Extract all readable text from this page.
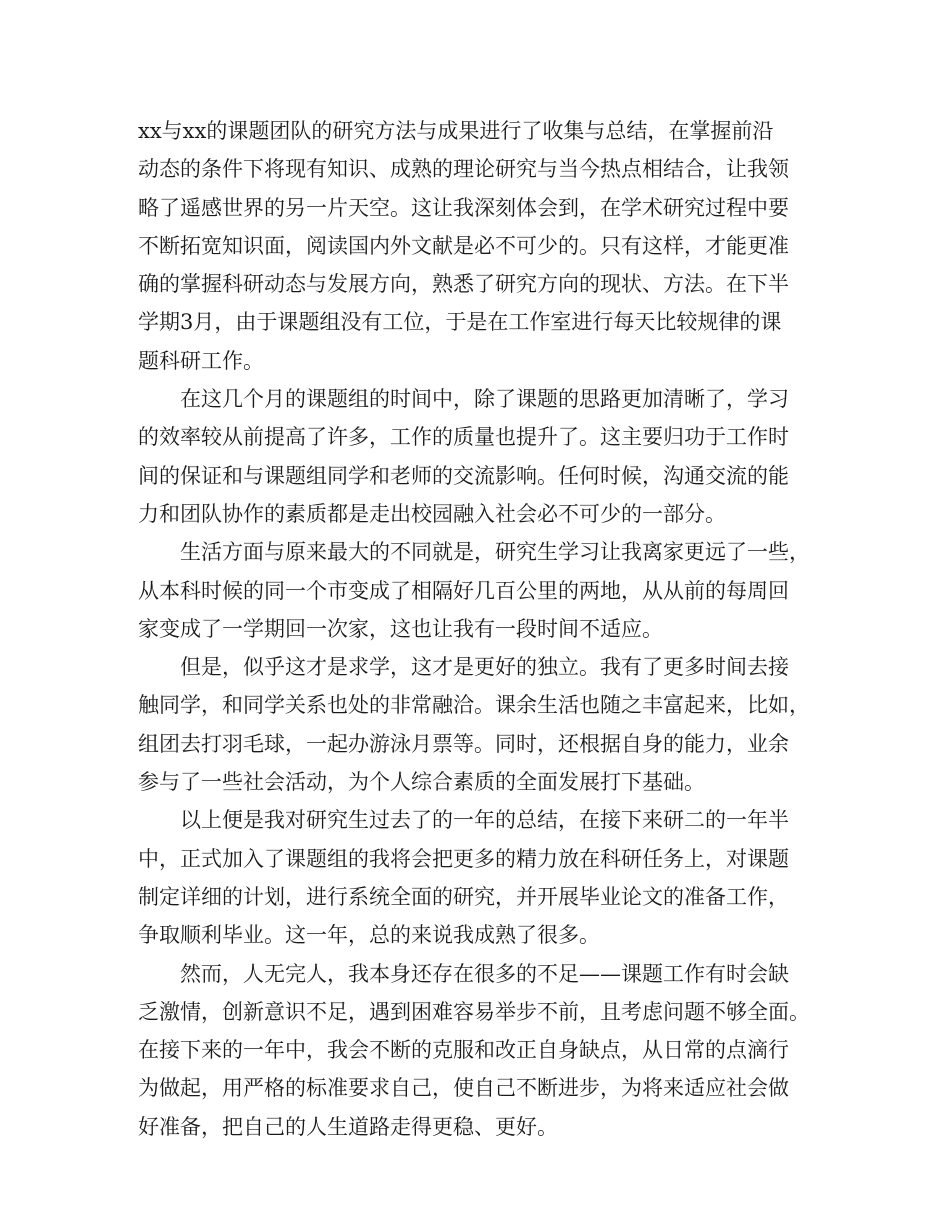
xx与xx的课题团队的研究方法与成果进行了收集与总结，在掌握前沿
动态的条件下将现有知识、成熟的理论研究与当今热点相结合，让我领
略了遥感世界的另一片天空。这让我深刻体会到，在学术研究过程中要
不断拓宽知识面，阅读国内外文献是必不可少的。只有这样，才能更准
确的掌握科研动态与发展方向，熟悉了研究方向的现状、方法。在下半
学期3月，由于课题组没有工位，于是在工作室进行每天比较规律的课
题科研工作。
在这几个月的课题组的时间中，除了课题的思路更加清晰了，学习
的效率较从前提高了许多，工作的质量也提升了。这主要归功于工作时
间的保证和与课题组同学和老师的交流影响。任何时候，沟通交流的能
力和团队协作的素质都是走出校园融入社会必不可少的一部分。
生活方面与原来最大的不同就是，研究生学习让我离家更远了一些，
从本科时候的同一个市变成了相隔好几百公里的两地，从从前的每周回
家变成了一学期回一次家，这也让我有一段时间不适应。
但是，似乎这才是求学，这才是更好的独立。我有了更多时间去接
触同学，和同学关系也处的非常融洽。课余生活也随之丰富起来，比如，
组团去打羽毛球，一起办游泳月票等。同时，还根据自身的能力，业余
参与了一些社会活动，为个人综合素质的全面发展打下基础。
以上便是我对研究生过去了的一年的总结，在接下来研二的一年半
中，正式加入了课题组的我将会把更多的精力放在科研任务上，对课题
制定详细的计划，进行系统全面的研究，并开展毕业论文的准备工作，
争取顺利毕业。这一年，总的来说我成熟了很多。
然而，人无完人，我本身还存在很多的不足——课题工作有时会缺
乏激情，创新意识不足，遇到困难容易举步不前，且考虑问题不够全面。
在接下来的一年中，我会不断的克服和改正自身缺点，从日常的点滴行
为做起，用严格的标准要求自己，使自己不断进步，为将来适应社会做
好准备，把自己的人生道路走得更稳、更好。
